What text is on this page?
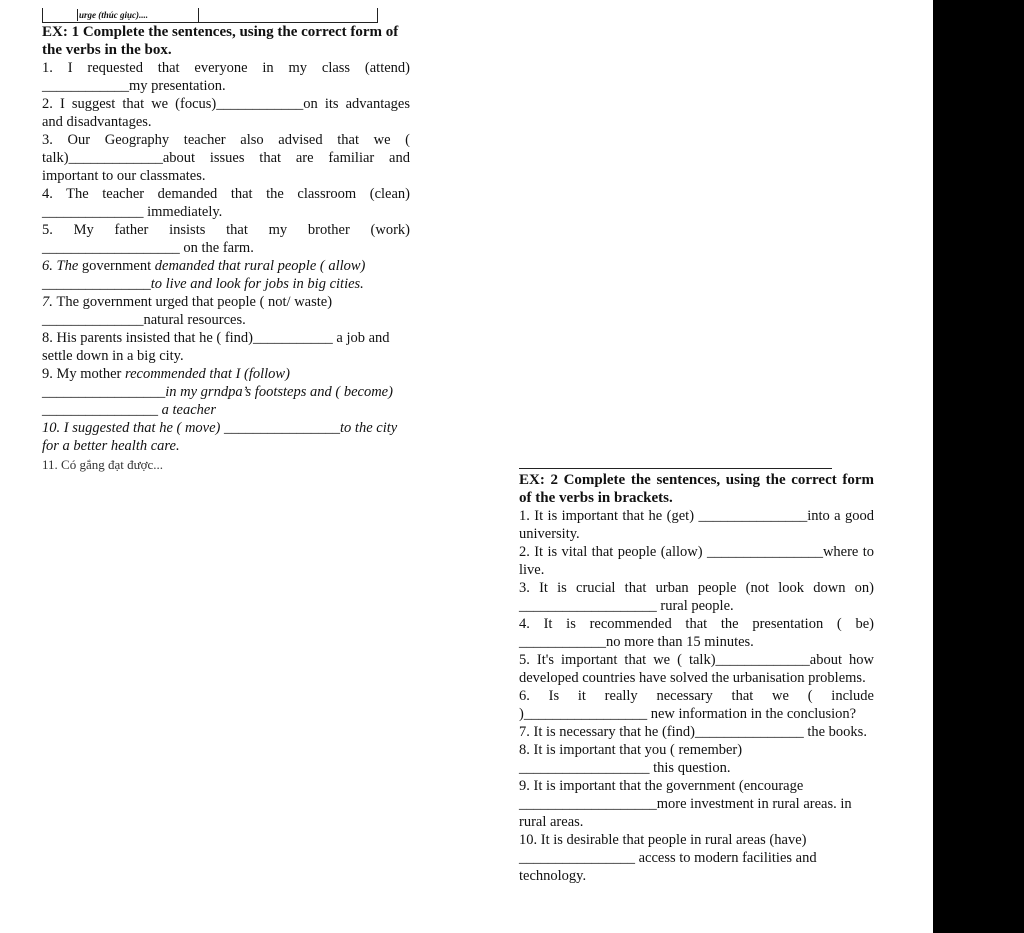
urge (thúc giục)....

EX: 1 Complete the sentences, using the correct form of the verbs in the box.

1. I requested that everyone in my class (attend) ____________my presentation.

2. I suggest that we (focus)____________on its advantages and disadvantages.

3. Our Geography teacher also advised that we ( talk)_____________about issues that are familiar and important to our classmates.

4. The teacher demanded that the classroom (clean) ______________ immediately.

5. My father insists that my brother (work) ___________________ on the farm.

6. The government demanded that rural people ( allow) _______________to live and look for jobs in big cities.

7. The government urged that people ( not/ waste) ______________natural resources.

8. His parents insisted that he ( find)___________ a job and settle down in a big city.

9. My mother recommended that I (follow) _________________in my grndpa’s footsteps and ( become) ________________ a teacher

10. I suggested that he ( move) ________________to the city for a better health care.

11. Có gắng đạt được...

EX: 2 Complete the sentences, using the correct form of the verbs in brackets.

1. It is important that he (get) _______________into a good university.

2. It is vital that people (allow) ________________where to live.

3. It is crucial that urban people (not look down on) ___________________ rural people.

4. It is recommended that the presentation ( be) ____________no more than 15 minutes.

5. It's important that we ( talk)_____________about how developed countries have solved the urbanisation problems.

6. Is it really necessary that we ( include )_________________ new information in the conclusion?

7. It is necessary that he (find)_______________ the books.

8. It is important that you ( remember) __________________ this question.

9. It is important that the government (encourage ___________________more investment in rural areas. in rural areas.

10. It is desirable that people in rural areas (have) ________________ access to modern facilities and technology.
